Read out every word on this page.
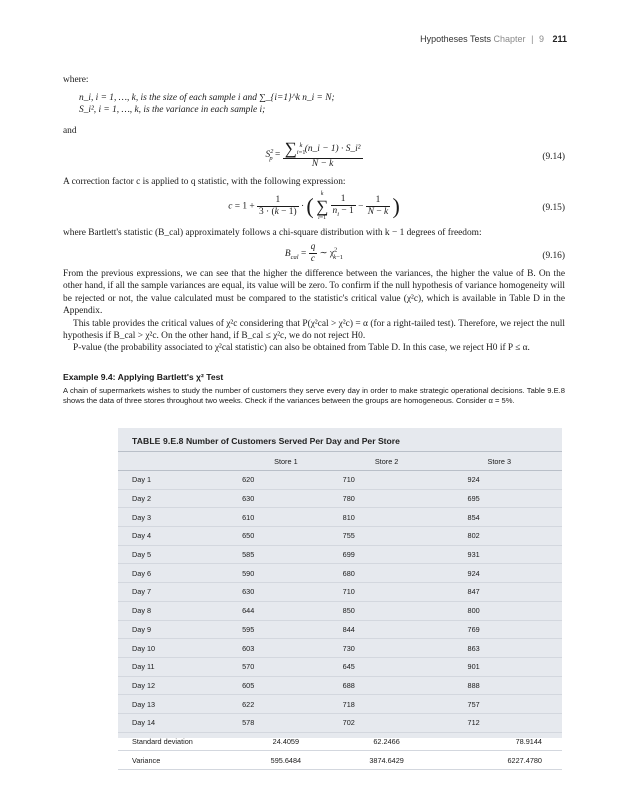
Hypotheses Tests Chapter | 9 211

where:

n_i, i = 1, …, k, is the size of each sample i and ∑_{i=1}^k n_i = N;
S_i², i = 1, …, k, is the variance in each sample i;

and

$S^2_p = \frac{\sum _{i=1}^k (n\_i - 1) \cdot S\_i^2}{N - k}$	(9.14)

A correction factor c is applied to q statistic, with the following expression:

$c = 1 + \frac{1}{3 \cdot (k - 1)}$ · (	k
∑
i=1
$\frac{1}{n_i - 1} - \frac{1}{N - k}$ )	(9.15)

where Bartlett's statistic (B_cal) approximately follows a chi-square distribution with k − 1 degrees of freedom:

$B_{cal} = \frac{q}{c}$ ∼ $\chi^2_{k-1}$	(9.16)

From the previous expressions, we can see that the higher the difference between the variances, the higher the value of B. On the other hand, if all the sample variances are equal, its value will be zero. To confirm if the null hypothesis of variance homogeneity will be rejected or not, the value calculated must be compared to the statistic's critical value (χ²c), which is available in Table D in the Appendix.

This table provides the critical values of χ²c considering that P(χ²cal > χ²c) = α (for a right-tailed test). Therefore, we reject the null hypothesis if B_cal > χ²c. On the other hand, if B_cal ≤ χ²c, we do not reject H0.

P-value (the probability associated to χ²cal statistic) can also be obtained from Table D. In this case, we reject H0 if P ≤ α.

Example 9.4: Applying Bartlett's χ² Test

A chain of supermarkets wishes to study the number of customers they serve every day in order to make strategic operational decisions. Table 9.E.8 shows the data of three stores throughout two weeks. Check if the variances between the groups are homogeneous. Consider α = 5%.

TABLE 9.E.8 Number of Customers Served Per Day and Per Store
	Store 1	Store 2	Store 3
Day 1	620	710	924
Day 2	630	780	695
Day 3	610	810	854
Day 4	650	755	802
Day 5	585	699	931
Day 6	590	680	924
Day 7	630	710	847
Day 8	644	850	800
Day 9	595	844	769
Day 10	603	730	863
Day 11	570	645	901
Day 12	605	688	888
Day 13	622	718	757
Day 14	578	702	712
Standard deviation	24.4059	62.2466	78.9144
Variance	595.6484	3874.6429	6227.4780
